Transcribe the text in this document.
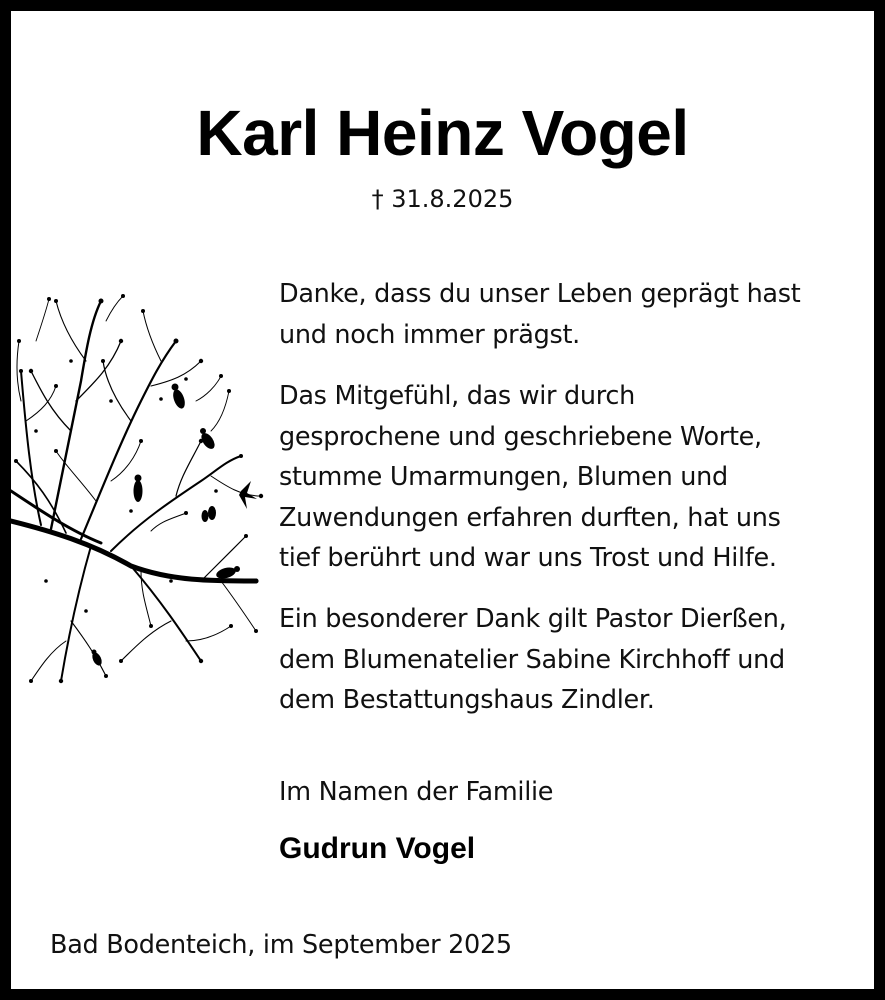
Karl Heinz Vogel
† 31.8.2025

Danke, dass du unser Leben geprägt hast
und noch immer prägst.

Das Mitgefühl, das wir durch
gesprochene und geschriebene Worte,
stumme Umarmungen, Blumen und
Zuwendungen erfahren durften, hat uns
tief berührt und war uns Trost und Hilfe.

Ein besonderer Dank gilt Pastor Dierßen,
dem Blumenatelier Sabine Kirchhoff und
dem Bestattungshaus Zindler.

Im Namen der Familie
Gudrun Vogel
Bad Bodenteich, im September 2025
